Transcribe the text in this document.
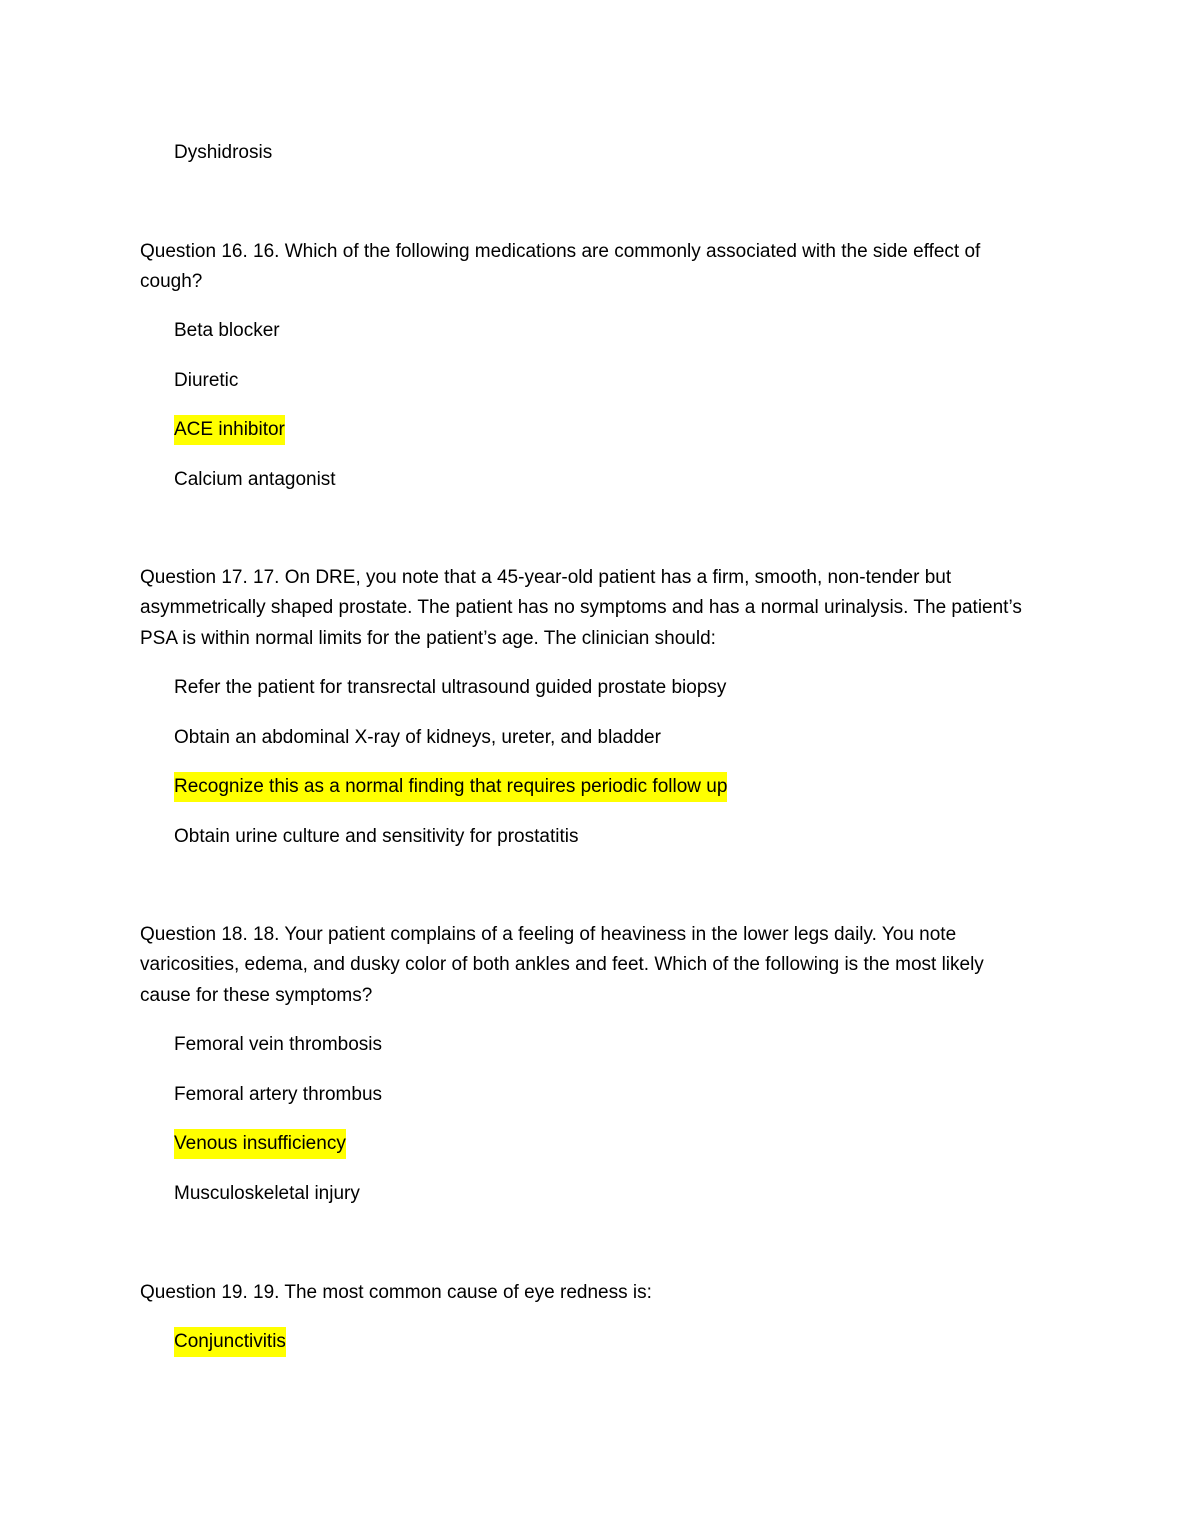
Dyshidrosis
Question 16. 16. Which of the following medications are commonly associated with the side effect of
cough?
Beta blocker
Diuretic
ACE inhibitor
Calcium antagonist
Question 17. 17. On DRE, you note that a 45-year-old patient has a firm, smooth, non-tender but
asymmetrically shaped prostate. The patient has no symptoms and has a normal urinalysis. The patient’s
PSA is within normal limits for the patient’s age. The clinician should:
Refer the patient for transrectal ultrasound guided prostate biopsy
Obtain an abdominal X-ray of kidneys, ureter, and bladder
Recognize this as a normal finding that requires periodic follow up
Obtain urine culture and sensitivity for prostatitis
Question 18. 18. Your patient complains of a feeling of heaviness in the lower legs daily. You note
varicosities, edema, and dusky color of both ankles and feet. Which of the following is the most likely
cause for these symptoms?
Femoral vein thrombosis
Femoral artery thrombus
Venous insufficiency
Musculoskeletal injury
Question 19. 19. The most common cause of eye redness is:
Conjunctivitis
